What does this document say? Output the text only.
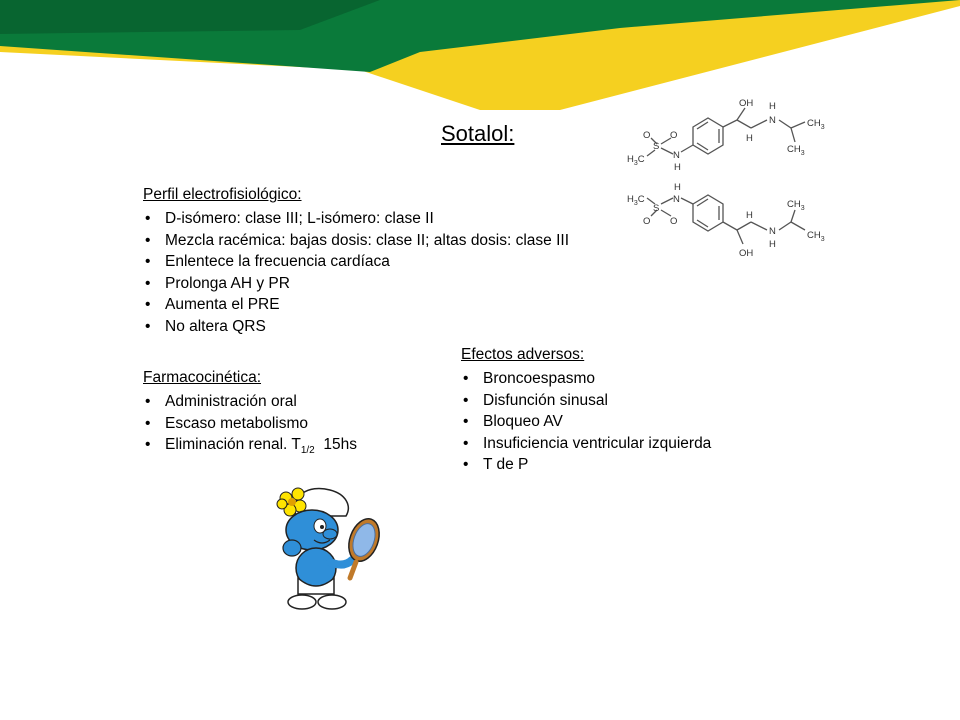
Sotalol:
Perfil electrofisiológico:
• D-isómero: clase III; L-isómero: clase II
• Mezcla racémica: bajas dosis: clase II; altas dosis: clase III
• Enlentece la frecuencia cardíaca
• Prolonga AH y PR
• Aumenta el PRE
• No altera QRS
Farmacocinética:
• Administración oral
• Escaso metabolismo
• Eliminación renal. $T_{1/2}$ 15hs
Efectos adversos:
• Broncoespasmo
• Disfunción sinusal
• Bloqueo AV
• Insuficiencia ventricular izquierda
• T de P
OH
H
H
N	$CH_3$
$CH_3$
N
H
S
O O
$H_3C$
H
N
$H_3C$
S
O O
H
OH
N
H
$CH_3$
$CH_3$
